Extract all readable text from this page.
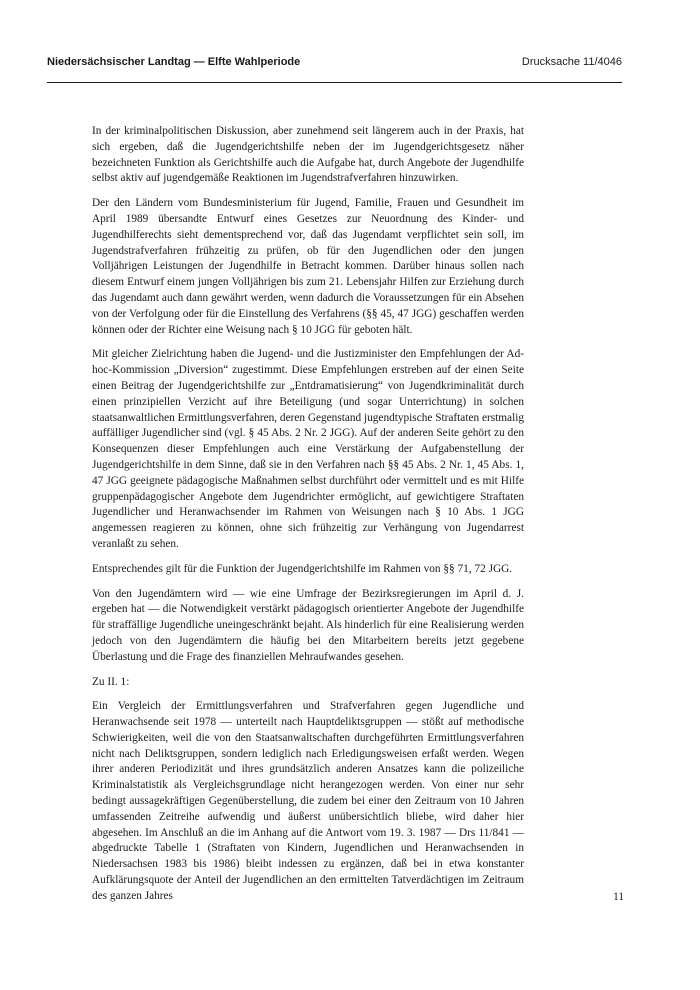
Niedersächsischer Landtag — Elfte Wahlperiode	Drucksache 11/4046

In der kriminalpolitischen Diskussion, aber zunehmend seit längerem auch in der Praxis, hat sich ergeben, daß die Jugendgerichtshilfe neben der im Jugendgerichtsgesetz näher bezeichneten Funktion als Gerichtshilfe auch die Aufgabe hat, durch Angebote der Jugendhilfe selbst aktiv auf jugendgemäße Reaktionen im Jugendstrafverfahren hinzuwirken.

Der den Ländern vom Bundesministerium für Jugend, Familie, Frauen und Gesundheit im April 1989 übersandte Entwurf eines Gesetzes zur Neuordnung des Kinder- und Jugendhilferechts sieht dementsprechend vor, daß das Jugendamt verpflichtet sein soll, im Jugendstrafverfahren frühzeitig zu prüfen, ob für den Jugendlichen oder den jungen Volljährigen Leistungen der Jugendhilfe in Betracht kommen. Darüber hinaus sollen nach diesem Entwurf einem jungen Volljährigen bis zum 21. Lebensjahr Hilfen zur Erziehung durch das Jugendamt auch dann gewährt werden, wenn dadurch die Voraussetzungen für ein Absehen von der Verfolgung oder für die Einstellung des Verfahrens (§§ 45, 47 JGG) geschaffen werden können oder der Richter eine Weisung nach § 10 JGG für geboten hält.

Mit gleicher Zielrichtung haben die Jugend- und die Justizminister den Empfehlungen der Ad-hoc-Kommission „Diversion“ zugestimmt. Diese Empfehlungen erstreben auf der einen Seite einen Beitrag der Jugendgerichtshilfe zur „Entdramatisierung“ von Jugendkriminalität durch einen prinzipiellen Verzicht auf ihre Beteiligung (und sogar Unterrichtung) in solchen staatsanwaltlichen Ermittlungsverfahren, deren Gegenstand jugendtypische Straftaten erstmalig auffälliger Jugendlicher sind (vgl. § 45 Abs. 2 Nr. 2 JGG). Auf der anderen Seite gehört zu den Konsequenzen dieser Empfehlungen auch eine Verstärkung der Aufgabenstellung der Jugendgerichtshilfe in dem Sinne, daß sie in den Verfahren nach §§ 45 Abs. 2 Nr. 1, 45 Abs. 1, 47 JGG geeignete pädagogische Maßnahmen selbst durchführt oder vermittelt und es mit Hilfe gruppenpädagogischer Angebote dem Jugendrichter ermöglicht, auf gewichtigere Straftaten Jugendlicher und Heranwachsender im Rahmen von Weisungen nach § 10 Abs. 1 JGG angemessen reagieren zu können, ohne sich frühzeitig zur Verhängung von Jugendarrest veranlaßt zu sehen.

Entsprechendes gilt für die Funktion der Jugendgerichtshilfe im Rahmen von §§ 71, 72 JGG.

Von den Jugendämtern wird — wie eine Umfrage der Bezirksregierungen im April d. J. ergeben hat — die Notwendigkeit verstärkt pädagogisch orientierter Angebote der Jugendhilfe für straffällige Jugendliche uneingeschränkt bejaht. Als hinderlich für eine Realisierung werden jedoch von den Jugendämtern die häufig bei den Mitarbeitern bereits jetzt gegebene Überlastung und die Frage des finanziellen Mehraufwandes gesehen.

Zu II. 1:

Ein Vergleich der Ermittlungsverfahren und Strafverfahren gegen Jugendliche und Heranwachsende seit 1978 — unterteilt nach Hauptdeliktsgruppen — stößt auf methodische Schwierigkeiten, weil die von den Staatsanwaltschaften durchgeführten Ermittlungsverfahren nicht nach Deliktsgruppen, sondern lediglich nach Erledigungsweisen erfaßt werden. Wegen ihrer anderen Periodizität und ihres grundsätzlich anderen Ansatzes kann die polizeiliche Kriminalstatistik als Vergleichsgrundlage nicht herangezogen werden. Von einer nur sehr bedingt aussagekräftigen Gegenüberstellung, die zudem bei einer den Zeitraum von 10 Jahren umfassenden Zeitreihe aufwendig und äußerst unübersichtlich bliebe, wird daher hier abgesehen. Im Anschluß an die im Anhang auf die Antwort vom 19. 3. 1987 — Drs 11/841 — abgedruckte Tabelle 1 (Straftaten von Kindern, Jugendlichen und Heranwachsenden in Niedersachsen 1983 bis 1986) bleibt indessen zu ergänzen, daß bei in etwa konstanter Aufklärungsquote der Anteil der Jugendlichen an den ermittelten Tatverdächtigen im Zeitraum des ganzen Jahres	11
